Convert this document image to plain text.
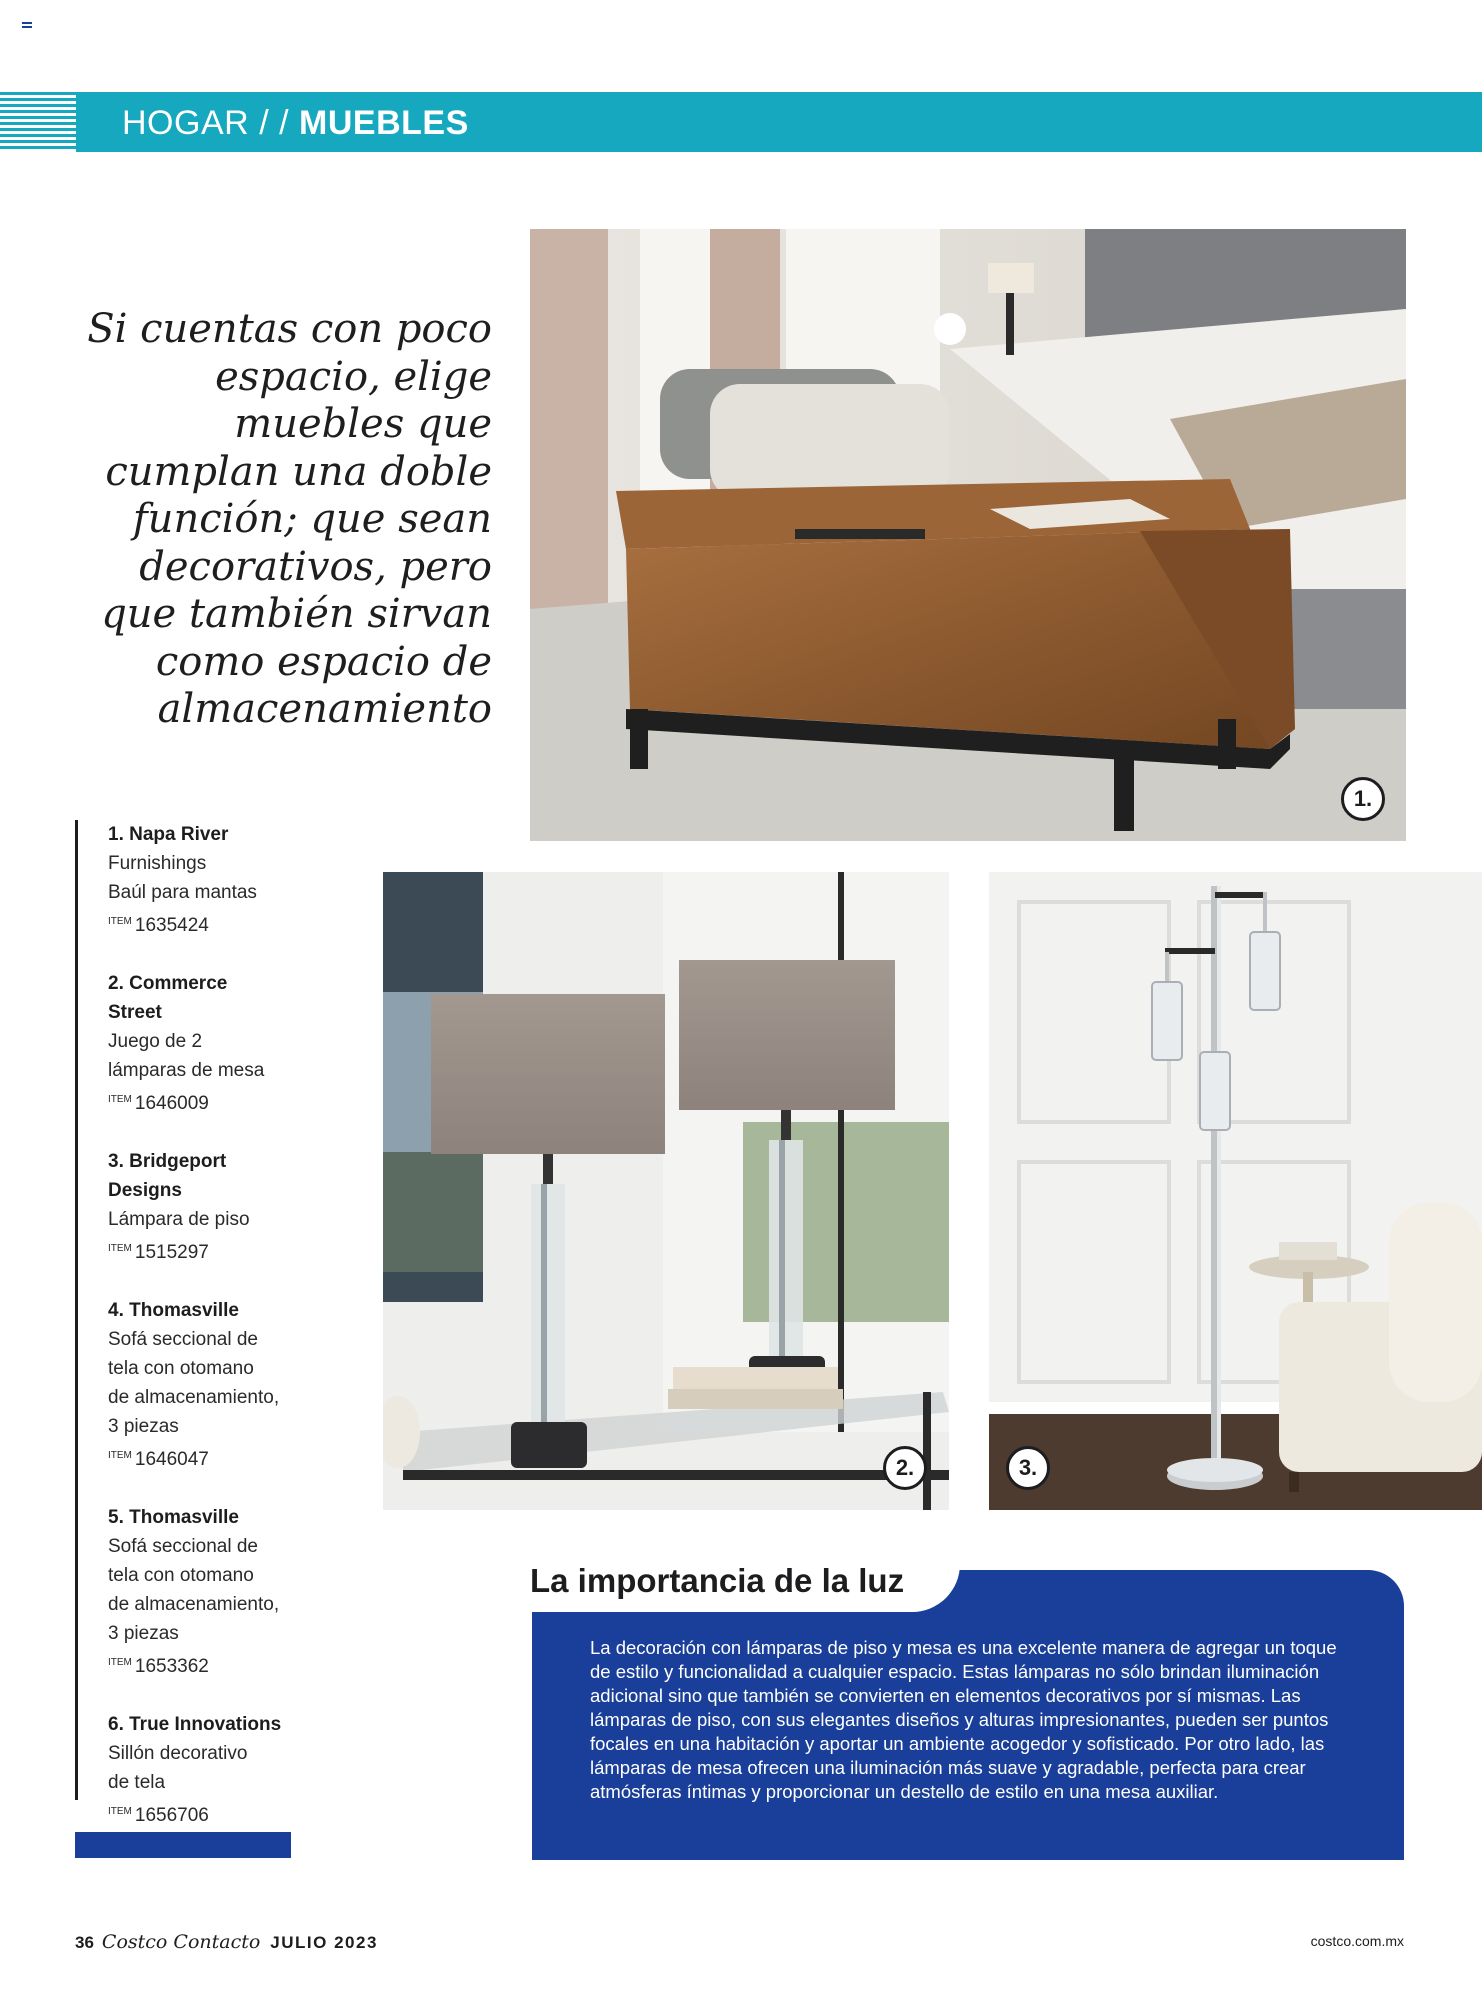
HOGAR / / MUEBLES
Si cuentas con poco espacio, elige muebles que cumplan una doble función; que sean decorativos, pero que también sirvan como espacio de almacenamiento
1.
2.	3.
1. Napa River
Furnishings
Baúl para mantas
$^{ITEM}$ 1635424
2. Commerce
Street
Juego de 2
lámparas de mesa
$^{ITEM}$ 1646009
3. Bridgeport
Designs
Lámpara de piso
$^{ITEM}$ 1515297
4. Thomasville
Sofá seccional de
tela con otomano
de almacenamiento,
3 piezas
$^{ITEM}$ 1646047
5. Thomasville
Sofá seccional de
tela con otomano
de almacenamiento,
3 piezas
$^{ITEM}$ 1653362
6. True Innovations
Sillón decorativo
de tela
$^{ITEM}$ 1656706
La importancia de la luz
La decoración con lámparas de piso y mesa es una excelente manera de agregar un toque de estilo y funcionalidad a cualquier espacio. Estas lámparas no sólo brindan iluminación adicional sino que también se convierten en elementos decorativos por sí mismas. Las lámparas de piso, con sus elegantes diseños y alturas impresionantes, pueden ser puntos focales en una habitación y aportar un ambiente acogedor y sofisticado. Por otro lado, las lámparas de mesa ofrecen una iluminación más suave y agradable, perfecta para crear atmósferas íntimas y proporcionar un destello de estilo en una mesa auxiliar.
36 Costco Contacto JULIO 2023	costco.com.mx
